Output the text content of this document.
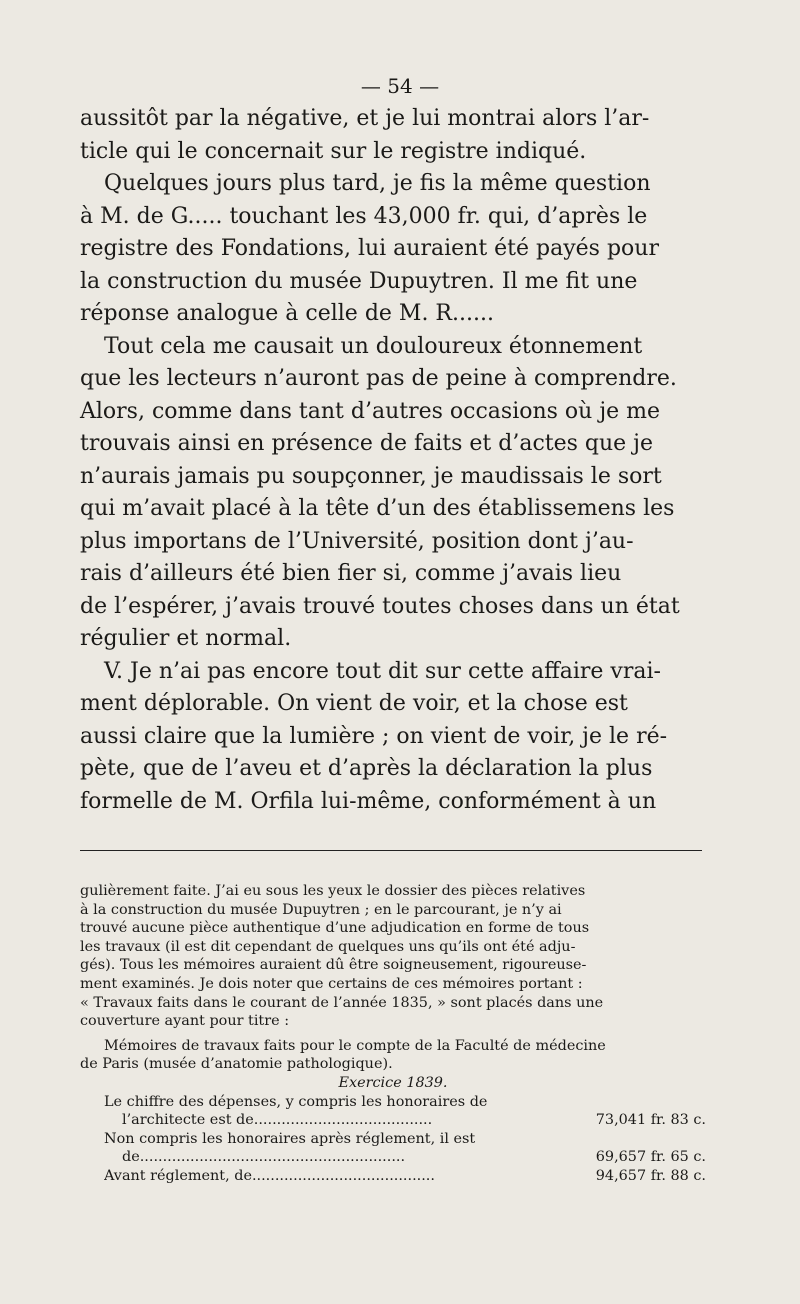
— 54 —
aussitôt par la négative, et je lui montrai alors l’ar-
ticle qui le concernait sur le registre indiqué.
Quelques jours plus tard, je fis la même question
à M. de G..... touchant les 43,000 fr. qui, d’après le
registre des Fondations, lui auraient été payés pour
la construction du musée Dupuytren. Il me fit une
réponse analogue à celle de M. R......
Tout cela me causait un douloureux étonnement
que les lecteurs n’auront pas de peine à comprendre.
Alors, comme dans tant d’autres occasions où je me
trouvais ainsi en présence de faits et d’actes que je
n’aurais jamais pu soupçonner, je maudissais le sort
qui m’avait placé à la tête d’un des établissemens les
plus importans de l’Université, position dont j’au-
rais d’ailleurs été bien fier si, comme j’avais lieu
de l’espérer, j’avais trouvé toutes choses dans un état
régulier et normal.
V. Je n’ai pas encore tout dit sur cette affaire vrai-
ment déplorable. On vient de voir, et la chose est
aussi claire que la lumière ; on vient de voir, je le ré-
pète, que de l’aveu et d’après la déclaration la plus
formelle de M. Orfila lui-même, conformément à un
gulièrement faite. J’ai eu sous les yeux le dossier des pièces relatives
à la construction du musée Dupuytren ; en le parcourant, je n’y ai
trouvé aucune pièce authentique d’une adjudication en forme de tous
les travaux (il est dit cependant de quelques uns qu’ils ont été adju-
gés). Tous les mémoires auraient dû être soigneusement, rigoureuse-
ment examinés. Je dois noter que certains de ces mémoires portant :
« Travaux faits dans le courant de l’année 1835, » sont placés dans une
couverture ayant pour titre :
Mémoires de travaux faits pour le compte de la Faculté de médecine
de Paris (musée d’anatomie pathologique).
Exercice 1839.
Le chiffre des dépenses, y compris les honoraires de
l’architecte est de.......................................	73,041 fr. 83 c.
Non compris les honoraires après réglement, il est
de..........................................................	69,657 fr. 65 c.
Avant réglement, de........................................	94,657 fr. 88 c.
